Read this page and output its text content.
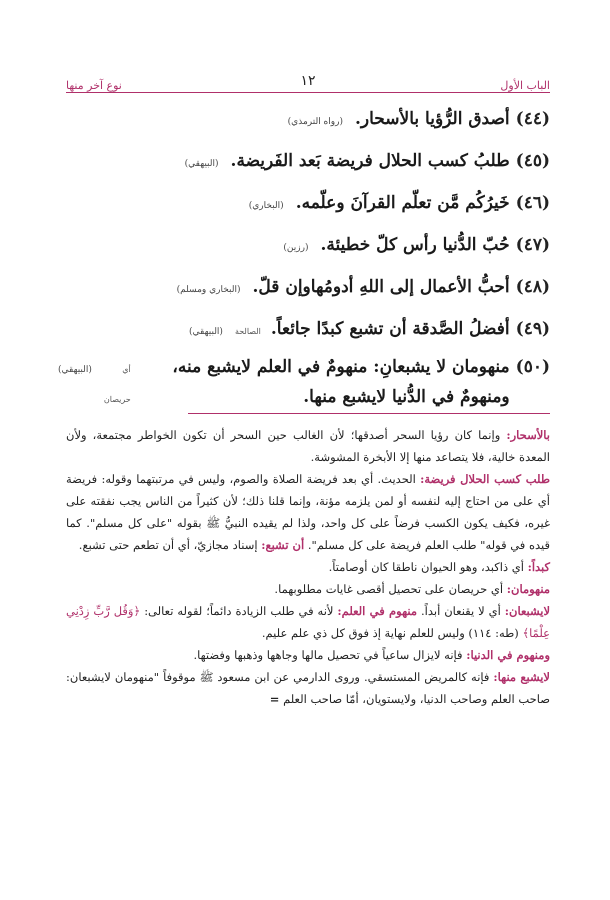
الباب الأول
١٢
نوع آخر منها
(٤٤)
أصدق الرُّؤيا بالأسحار.
(رواه الترمذي)
(٤٥)
طلبُ كسب الحلال فريضة بَعد الفَريضة.
(البيهقي)
(٤٦)
خَيرُكُم مَّن تعلّم القرآنَ وعلّمه.
(البخاري)
(٤٧)
حُبّ الدُّنيا رأس كلّ خطيئة.
(رزين)
(٤٨)
أحبُّ الأعمال إلى اللهِ أدومُهاوإن قلّ.
(البخاري ومسلم)
(٤٩)
أفضلُ الصَّدقة أن تشبع كبدًا جائعاً.
الصالحة
(البيهقي)
(٥٠)
منهومان لا يشبعانِ: منهومٌ في العلم لايشبع منه، ومنهومٌ في الدُّنيا لايشبع منها.
أي حريصان
(البيهقي)

بالأسحار: وإنما كان رؤيا السحر أصدقها؛ لأن الغالب حين السحر أن تكون الخواطر مجتمعة، ولأن المعدة خالية، فلا يتصاعد منها إلا الأبخرة المشوشة.

طلب كسب الحلال فريضة: الحديث. أي بعد فريضة الصلاة والصوم، وليس في مرتبتهما وقوله: فريضة أي على من احتاج إليه لنفسه أو لمن يلزمه مؤنة، وإنما قلنا ذلك؛ لأن كثيراً من الناس يجب نفقته على غيره، فكيف يكون الكسب فرضاً على كل واحد، ولذا لم يقيده النبيُّ ﷺ بقوله "على كل مسلم". كما قيده في قوله" طلب العلم فريضة على كل مسلم". أن تشبع: إسناد مجازيّ، أي أن تطعم حتى تشبع.

كبداً: أي ذاكبد، وهو الحيوان ناطقا كان أوصامتاً.

منهومان: أي حريصان على تحصيل أقصى غايات مطلوبهما.

لايشبعان: أي لا يقنعان أبداً. منهوم في العلم: لأنه في طلب الزيادة دائماً؛ لقوله تعالى: ﴿وَقُل رَّبِّ زِدْنِي عِلْمًا﴾ (طه: ١١٤) وليس للعلم نهاية إذ فوق كل ذي علم عليم.

ومنهوم في الدنيا: فإنه لايزال ساعياً في تحصيل مالها وجاهها وذهبها وفضتها.

لايشبع منها: فإنه كالمريض المستسقي. وروى الدارمي عن ابن مسعود ﷺ موقوفاً "منهومان لايشبعان: صاحب العلم وصاحب الدنيا، ولايستويان، أمّا صاحب العلم =
